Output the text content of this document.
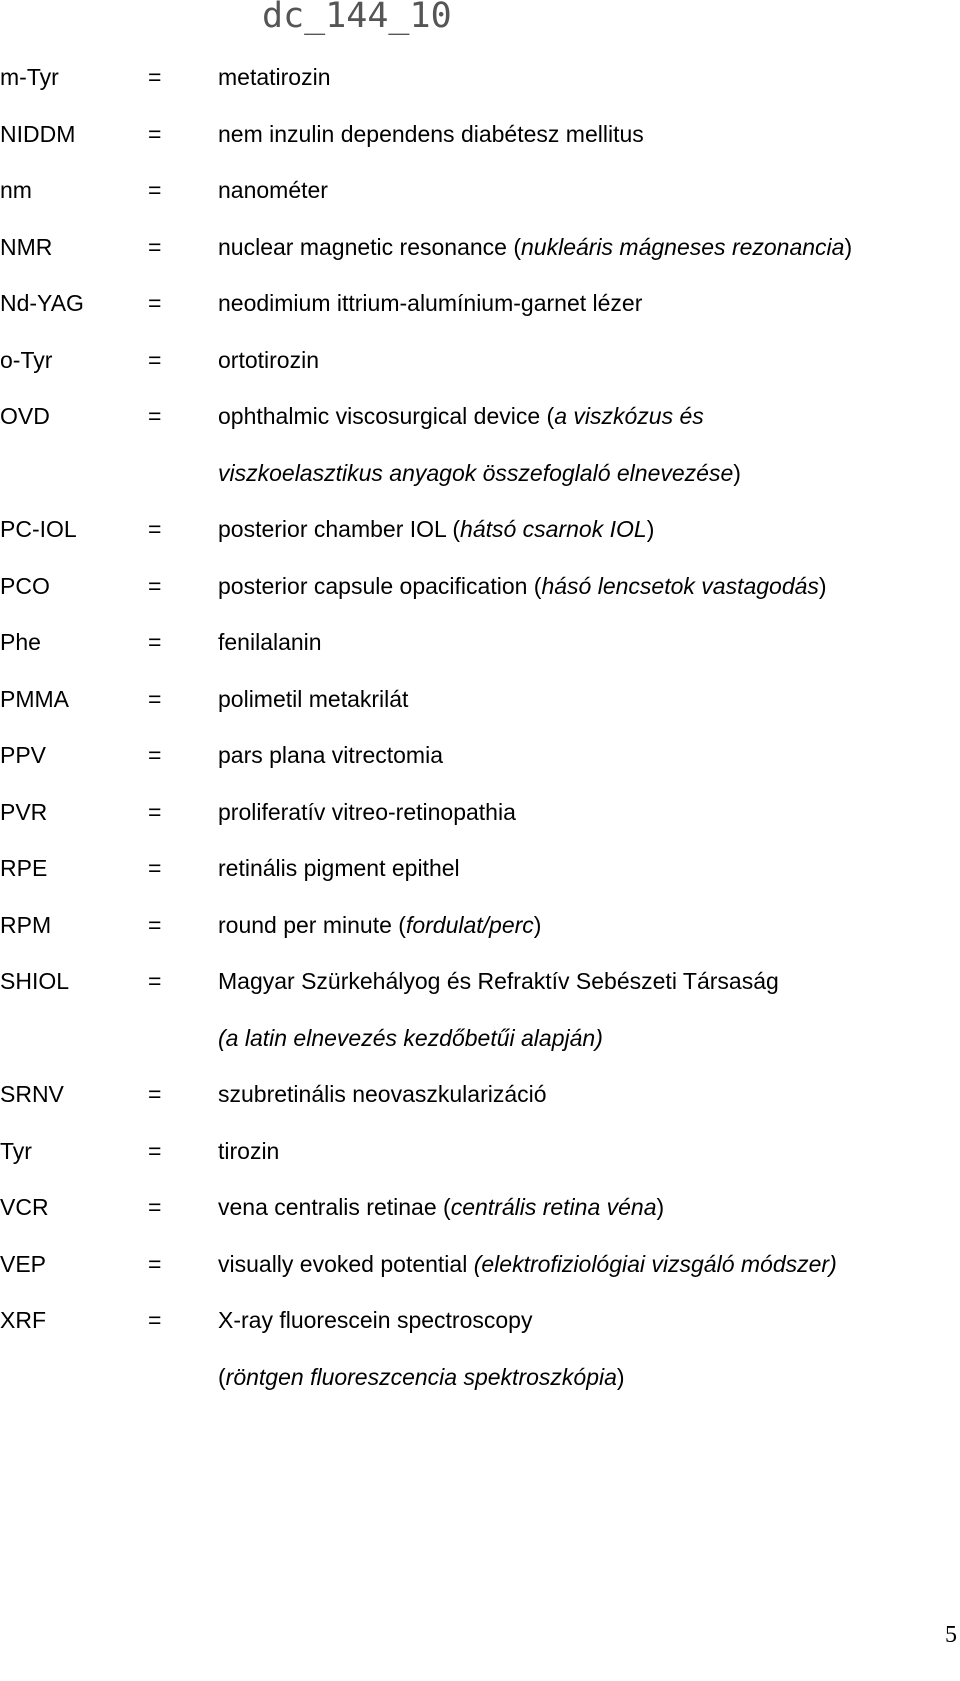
dc_144_10
m-Tyr	=	metatirozin
NIDDM	=	nem inzulin dependens diabétesz mellitus
nm	=	nanométer
NMR	=	nuclear magnetic resonance (nukleáris mágneses rezonancia)
Nd-YAG	=	neodimium ittrium-alumínium-garnet lézer
o-Tyr	=	ortotirozin
OVD	=	ophthalmic viscosurgical device (a viszkózus és
viszkoelasztikus anyagok összefoglaló elnevezése)
PC-IOL	=	posterior chamber IOL (hátsó csarnok IOL)
PCO	=	posterior capsule opacification (hásó lencsetok vastagodás)
Phe	=	fenilalanin
PMMA	=	polimetil metakrilát
PPV	=	pars plana vitrectomia
PVR	=	proliferatív vitreo-retinopathia
RPE	=	retinális pigment epithel
RPM	=	round per minute (fordulat/perc)
SHIOL	=	Magyar Szürkehályog és Refraktív Sebészeti Társaság
(a latin elnevezés kezdőbetűi alapján)
SRNV	=	szubretinális neovaszkularizáció
Tyr	=	tirozin
VCR	=	vena centralis retinae (centrális retina véna)
VEP	=	visually evoked potential (elektrofiziológiai vizsgáló módszer)
XRF	=	X-ray fluorescein spectroscopy
(röntgen fluoreszcencia spektroszkópia)
5
